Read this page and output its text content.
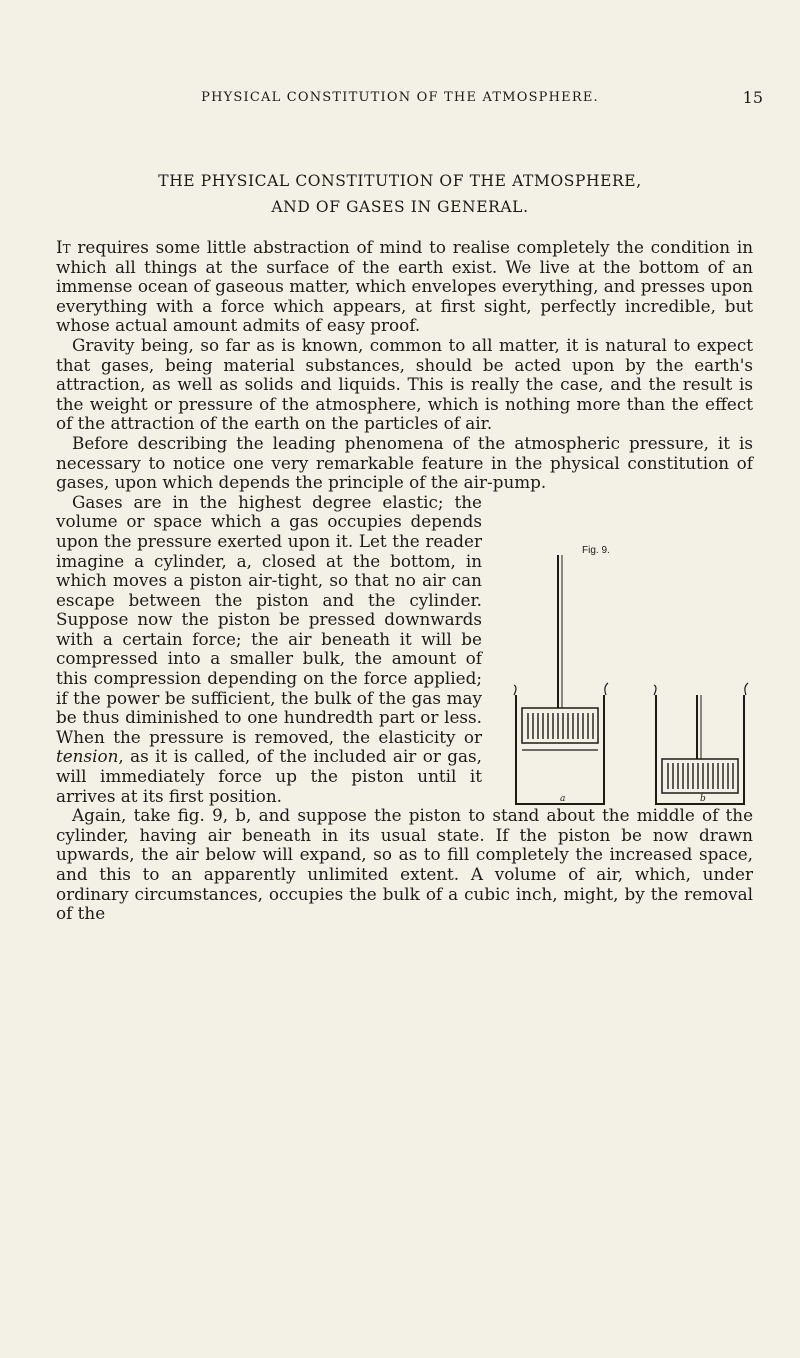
PHYSICAL CONSTITUTION OF THE ATMOSPHERE.	15
THE PHYSICAL CONSTITUTION OF THE ATMOSPHERE,
AND OF GASES IN GENERAL.

It requires some little abstraction of mind to realise completely the condition in which all things at the surface of the earth exist. We live at the bottom of an immense ocean of gaseous matter, which envelopes everything, and presses upon everything with a force which appears, at first sight, perfectly incredible, but whose actual amount admits of easy proof.

Gravity being, so far as is known, common to all matter, it is natural to expect that gases, being material substances, should be acted upon by the earth's attraction, as well as solids and liquids. This is really the case, and the result is the weight or pressure of the atmosphere, which is nothing more than the effect of the attraction of the earth on the particles of air.

Before describing the leading phenomena of the atmospheric pressure, it is necessary to notice one very remarkable feature in the physical constitution of gases, upon which depends the principle of the air-pump.

a	b
Fig. 9.
Gases are in the highest degree elastic; the volume or space which a gas occupies depends upon the pressure exerted upon it. Let the reader imagine a cylinder, a, closed at the bottom, in which moves a piston air-tight, so that no air can escape between the piston and the cylinder. Suppose now the piston be pressed downwards with a certain force; the air beneath it will be compressed into a smaller bulk, the amount of this compression depending on the force applied; if the power be sufficient, the bulk of the gas may be thus diminished to one hundredth part or less. When the pressure is removed, the elasticity or tension, as it is called, of the included air or gas, will immediately force up the piston until it arrives at its first position.

Again, take fig. 9, b, and suppose the piston to stand about the middle of the cylinder, having air beneath in its usual state. If the piston be now drawn upwards, the air below will expand, so as to fill completely the increased space, and this to an apparently unlimited extent. A volume of air, which, under ordinary circumstances, occupies the bulk of a cubic inch, might, by the removal of the
